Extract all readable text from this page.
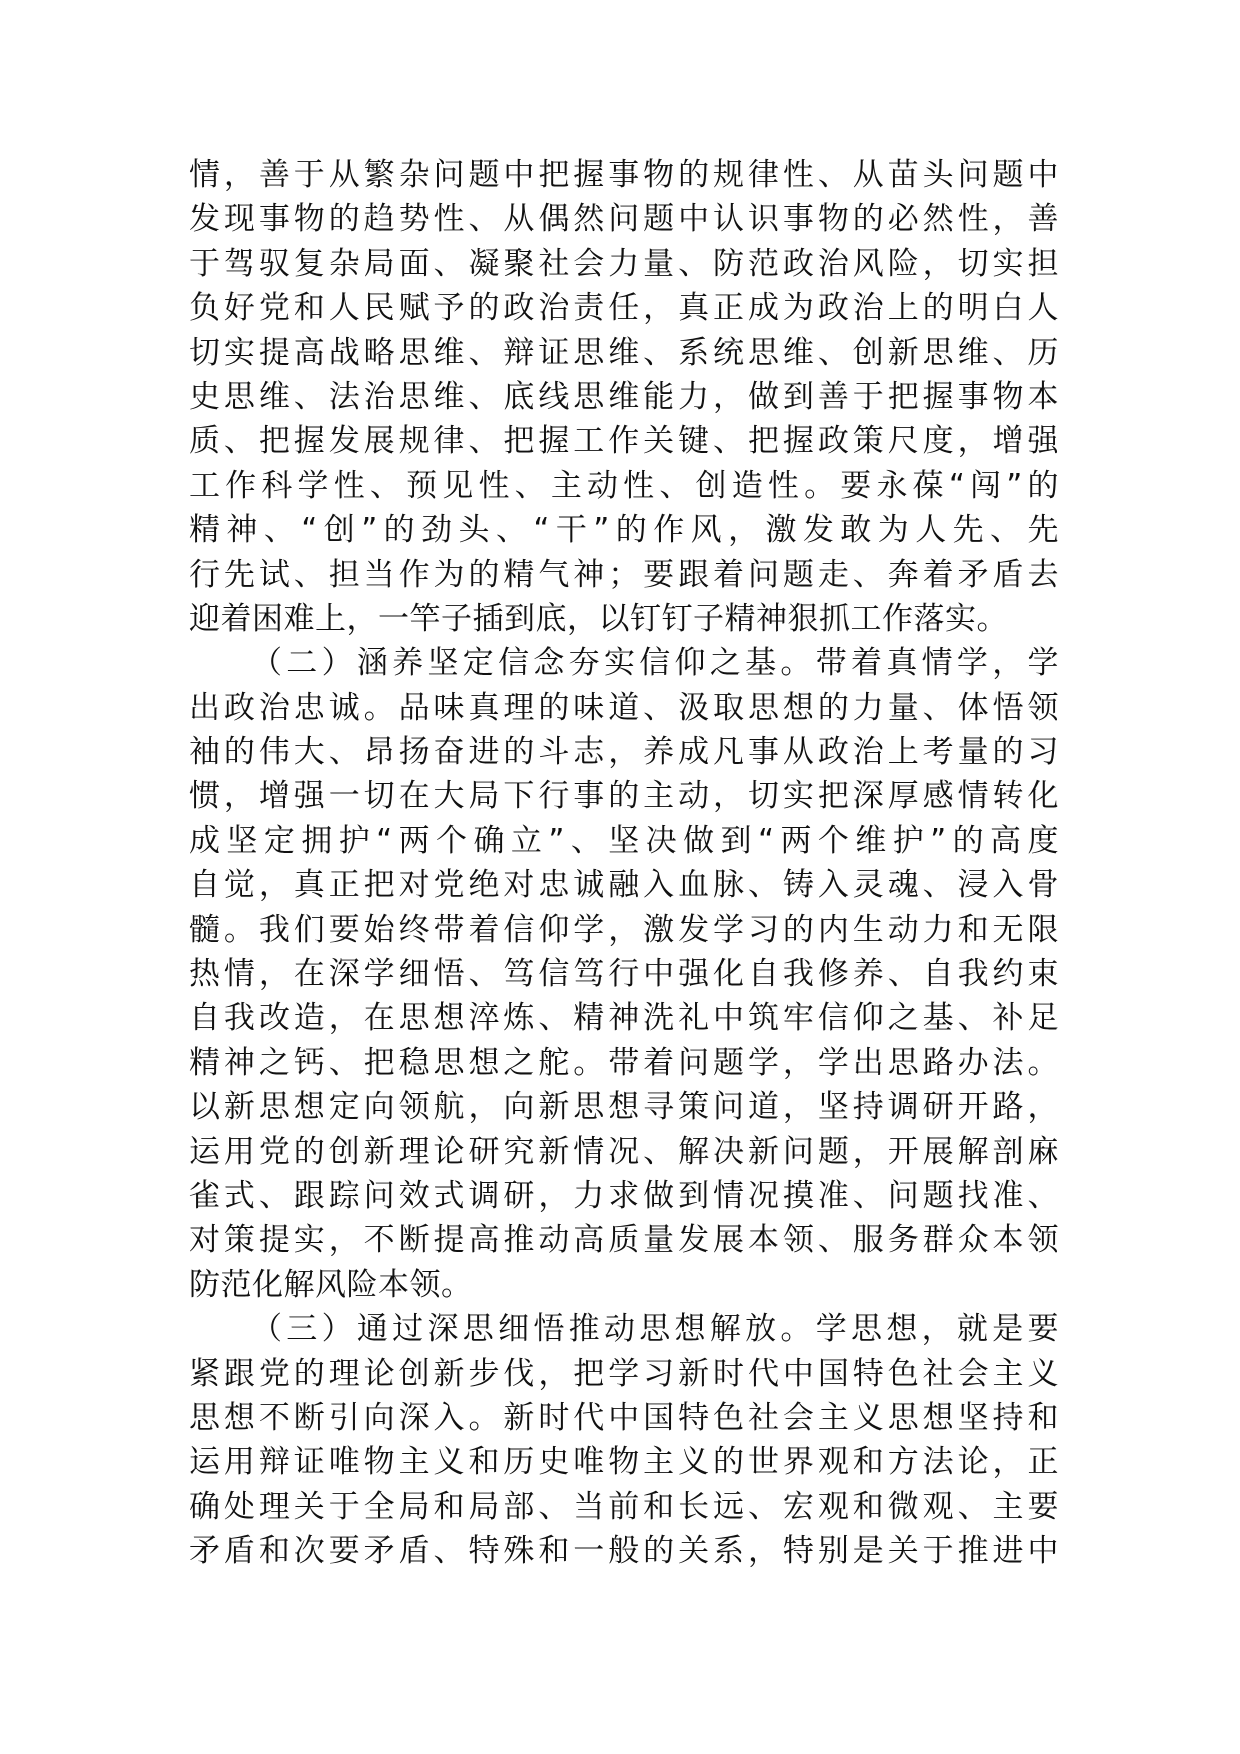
情，善于从繁杂问题中把握事物的规律性、从苗头问题中
发现事物的趋势性、从偶然问题中认识事物的必然性，善
于驾驭复杂局面、凝聚社会力量、防范政治风险，切实担
负好党和人民赋予的政治责任，真正成为政治上的明白人
切实提高战略思维、辩证思维、系统思维、创新思维、历
史思维、法治思维、底线思维能力，做到善于把握事物本
质、把握发展规律、把握工作关键、把握政策尺度，增强
工作科学性、预见性、主动性、创造性。要永葆“闯”的
精神、“创”的劲头、“干”的作风，激发敢为人先、先
行先试、担当作为的精气神；要跟着问题走、奔着矛盾去
迎着困难上，一竿子插到底，以钉钉子精神狠抓工作落实。
（二）涵养坚定信念夯实信仰之基。带着真情学，学
出政治忠诚。品味真理的味道、汲取思想的力量、体悟领
袖的伟大、昂扬奋进的斗志，养成凡事从政治上考量的习
惯，增强一切在大局下行事的主动，切实把深厚感情转化
成坚定拥护“两个确立”、坚决做到“两个维护”的高度
自觉，真正把对党绝对忠诚融入血脉、铸入灵魂、浸入骨
髓。我们要始终带着信仰学，激发学习的内生动力和无限
热情，在深学细悟、笃信笃行中强化自我修养、自我约束
自我改造，在思想淬炼、精神洗礼中筑牢信仰之基、补足
精神之钙、把稳思想之舵。带着问题学，学出思路办法。
以新思想定向领航，向新思想寻策问道，坚持调研开路，
运用党的创新理论研究新情况、解决新问题，开展解剖麻
雀式、跟踪问效式调研，力求做到情况摸准、问题找准、
对策提实，不断提高推动高质量发展本领、服务群众本领
防范化解风险本领。
（三）通过深思细悟推动思想解放。学思想，就是要
紧跟党的理论创新步伐，把学习新时代中国特色社会主义
思想不断引向深入。新时代中国特色社会主义思想坚持和
运用辩证唯物主义和历史唯物主义的世界观和方法论，正
确处理关于全局和局部、当前和长远、宏观和微观、主要
矛盾和次要矛盾、特殊和一般的关系，特别是关于推进中
